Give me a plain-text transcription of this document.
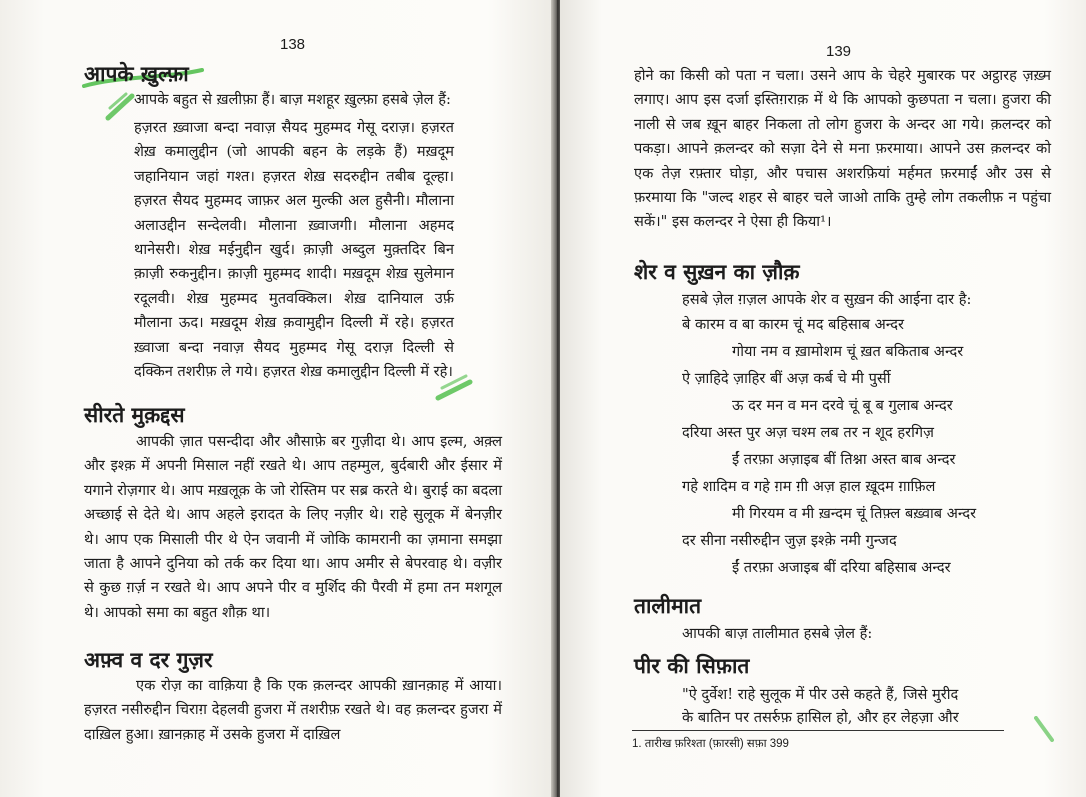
138
आपके ख़ुल्फ़ा
आपके बहुत से ख़लीफ़ा हैं। बाज़ मशहूर ख़ुल्फ़ा हसबे ज़ेल हैं:
हज़रत ख़्वाजा बन्दा नवाज़ सैयद मुहम्मद गेसू दराज़। हज़रत शेख़ कमालुद्दीन (जो आपकी बहन के लड़के हैं) मख़दूम जहानियान जहां गश्त। हज़रत शेख़ सदरुद्दीन तबीब दूल्हा। हज़रत सैयद मुहम्मद जाफ़र अल मुल्की अल हुसैनी। मौलाना अलाउद्दीन सन्देलवी। मौलाना ख़्वाजगी। मौलाना अहमद थानेसरी। शेख़ मईनुद्दीन खुर्द। क़ाज़ी अब्दुल मुक़्तदिर बिन क़ाज़ी रुकनुद्दीन। क़ाज़ी मुहम्मद शादी। मख़दूम शेख़ सुलेमान रदूलवी। शेख़ मुहम्मद मुतवक्किल। शेख़ दानियाल उर्फ़ मौलाना ऊद। मख़दूम शेख़ क़वामुद्दीन दिल्ली में रहे। हज़रत ख़्वाजा बन्दा नवाज़ सैयद मुहम्मद गेसू दराज़ दिल्ली से दक्किन तशरीफ़ ले गये। हज़रत शेख़ कमालुद्दीन दिल्ली में रहे।
सीरते मुक़द्दस
आपकी ज़ात पसन्दीदा और औसाफ़े बर गुज़ीदा थे। आप इल्म, अक़्ल और इश्क़ में अपनी मिसाल नहीं रखते थे। आप तहम्मुल, बुर्दबारी और ईसार में यगाने रोज़गार थे। आप मख़लूक़ के जो रोस्तिम पर सब्र करते थे। बुराई का बदला अच्छाई से देते थे। आप अहले इरादत के लिए नज़ीर थे। राहे सुलूक में बेनज़ीर थे। आप एक मिसाली पीर थे ऐन जवानी में जोकि कामरानी का ज़माना समझा जाता है आपने दुनिया को तर्क कर दिया था। आप अमीर से बेपरवाह थे। वज़ीर से कुछ ग़र्ज़ न रखते थे। आप अपने पीर व मुर्शिद की पैरवी में हमा तन मशगूल थे। आपको समा का बहुत शौक़ था।
अफ़्व व दर गुज़र
एक रोज़ का वाक़िया है कि एक क़लन्दर आपकी ख़ानक़ाह में आया। हज़रत नसीरुद्दीन चिराग़ देहलवी हुजरा में तशरीफ़ रखते थे। वह क़लन्दर हुजरा में दाख़िल हुआ। ख़ानक़ाह में उसके हुजरा में दाख़िल
139
होने का किसी को पता न चला। उसने आप के चेहरे मुबारक पर अट्ठारह ज़ख़्म लगाए। आप इस दर्जा इस्तिग़राक़ में थे कि आपको कुछपता न चला। हुजरा की नाली से जब ख़ून बाहर निकला तो लोग हुजरा के अन्दर आ गये। क़लन्दर को पकड़ा। आपने क़लन्दर को सज़ा देने से मना फ़रमाया। आपने उस क़लन्दर को एक तेज़ रफ़्तार घोड़ा, और पचास अशरफ़ियां मर्हमत फ़रमाईं और उस से फ़रमाया कि "जल्द शहर से बाहर चले जाओ ताकि तुम्हे लोग तकलीफ़ न पहुंचा सकें।" इस कलन्दर ने ऐसा ही किया¹।
शेर व सुख़न का ज़ौक़
हसबे ज़ेल ग़ज़ल आपके शेर व सुख़न की आईना दार है:
बे कारम व बा कारम चूं मद बहिसाब अन्दर
गोया नम व ख़ामोशम चूं ख़त बकिताब अन्दर
ऐ ज़ाहिदे ज़ाहिर बीं अज़ कर्ब चे मी पुर्सी
ऊ दर मन व मन दरवे चूं बू ब गुलाब अन्दर
दरिया अस्त पुर अज़ चश्म लब तर न शूद हरगिज़
ईं तरफ़ा अज़ाइब बीं तिश्ना अस्त बाब अन्दर
गहे शादिम व गहे ग़म ग़ी अज़ हाल ख़ूदम ग़ाफ़िल
मी गिरयम व मी ख़न्दम चूं तिफ़्ल बख़्वाब अन्दर
दर सीना नसीरुद्दीन जुज़ इश्क़े नमी गुन्जद
ईं तरफ़ा अजाइब बीं दरिया बहिसाब अन्दर
तालीमात
आपकी बाज़ तालीमात हसबे ज़ेल हैं:
पीर की सिफ़ात
"ऐ दुर्वेश! राहे सुलूक में पीर उसे कहते हैं, जिसे मुरीद
के बातिन पर तसर्रुफ़ हासिल हो, और हर लेहज़ा और
1. तारीख फ़रिश्ता (फ़ारसी) सफ़ा 399
